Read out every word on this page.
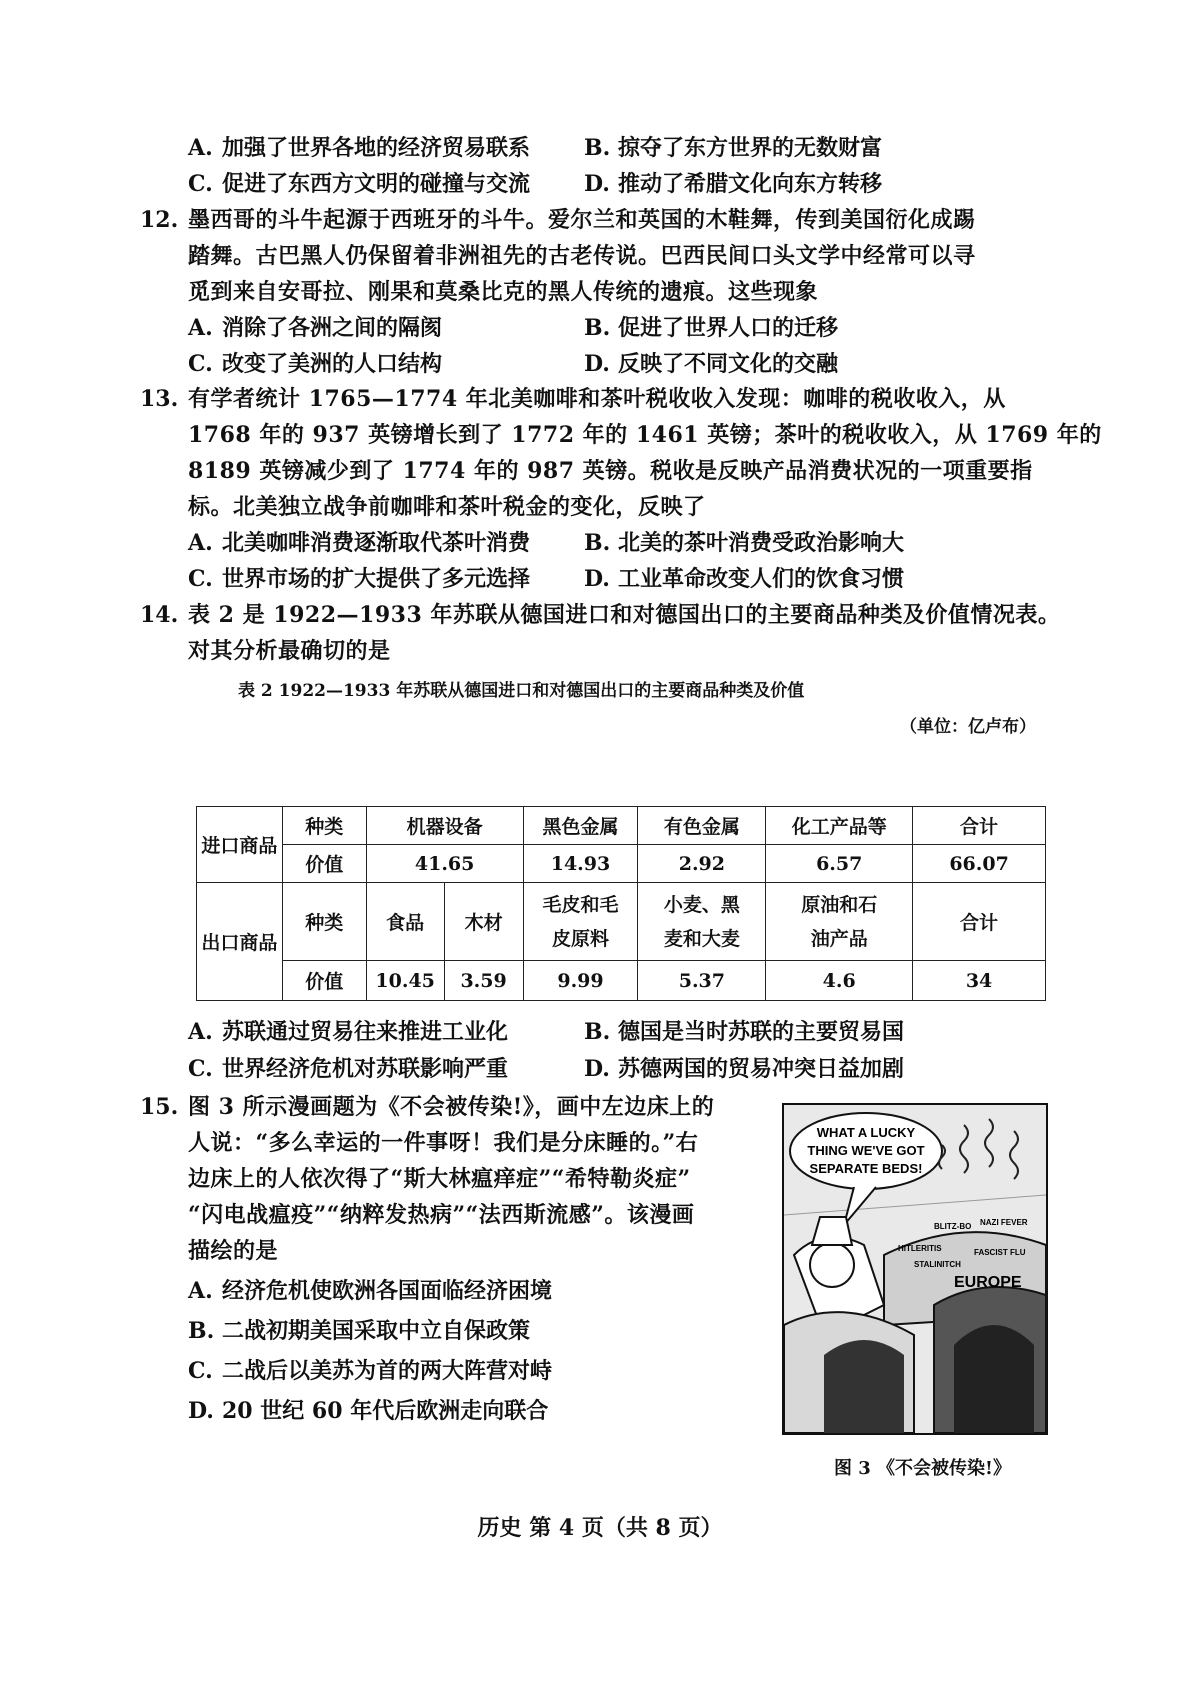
A. 加强了世界各地的经济贸易联系 B. 掠夺了东方世界的无数财富
C. 促进了东西方文明的碰撞与交流 D. 推动了希腊文化向东方转移
12. 墨西哥的斗牛起源于西班牙的斗牛。爱尔兰和英国的木鞋舞，传到美国衍化成踢
踏舞。古巴黑人仍保留着非洲祖先的古老传说。巴西民间口头文学中经常可以寻
觅到来自安哥拉、刚果和莫桑比克的黑人传统的遗痕。这些现象
A. 消除了各洲之间的隔阂	B. 促进了世界人口的迁移
C. 改变了美洲的人口结构	D. 反映了不同文化的交融
13. 有学者统计 1765—1774 年北美咖啡和茶叶税收收入发现：咖啡的税收收入，从
1768 年的 937 英镑增长到了 1772 年的 1461 英镑；茶叶的税收收入，从 1769 年的
8189 英镑减少到了 1774 年的 987 英镑。税收是反映产品消费状况的一项重要指
标。北美独立战争前咖啡和茶叶税金的变化，反映了
A. 北美咖啡消费逐渐取代茶叶消费 B. 北美的茶叶消费受政治影响大
C. 世界市场的扩大提供了多元选择 D. 工业革命改变人们的饮食习惯
14. 表 2 是 1922—1933 年苏联从德国进口和对德国出口的主要商品种类及价值情况表。
对其分析最确切的是
表 2 1922—1933 年苏联从德国进口和对德国出口的主要商品种类及价值
（单位：亿卢布）
进口商品	种类	机器设备		黑色金属	有色金属	化工产品等	合计
	价值	41.65		14.93	2.92	6.57	66.07
出口商品	种类	食品	木材	毛皮和毛皮原料	小麦、黑麦和大麦	原油和石油产品	合计
	价值	10.45	3.59	9.99	5.37	4.6	34
A. 苏联通过贸易往来推进工业化	B. 德国是当时苏联的主要贸易国
C. 世界经济危机对苏联影响严重	D. 苏德两国的贸易冲突日益加剧
15. 图 3 所示漫画题为《不会被传染!》，画中左边床上的
人说：“多么幸运的一件事呀！我们是分床睡的。”右
边床上的人依次得了“斯大林瘟痒症”“希特勒炎症”
“闪电战瘟疫”“纳粹发热病”“法西斯流感”。该漫画
描绘的是
A. 经济危机使欧洲各国面临经济困境
B. 二战初期美国采取中立自保政策
C. 二战后以美苏为首的两大阵营对峙
D. 20 世纪 60 年代后欧洲走向联合
WHAT A LUCKY
THING WE'VE GOT
SEPARATE BEDS!
HITLERITIS
BLITZ-BO NAZI FEVER
STALINITCH
FASCIST FLU
EUROPE
图 3 《不会被传染!》
历史 第 4 页（共 8 页）
